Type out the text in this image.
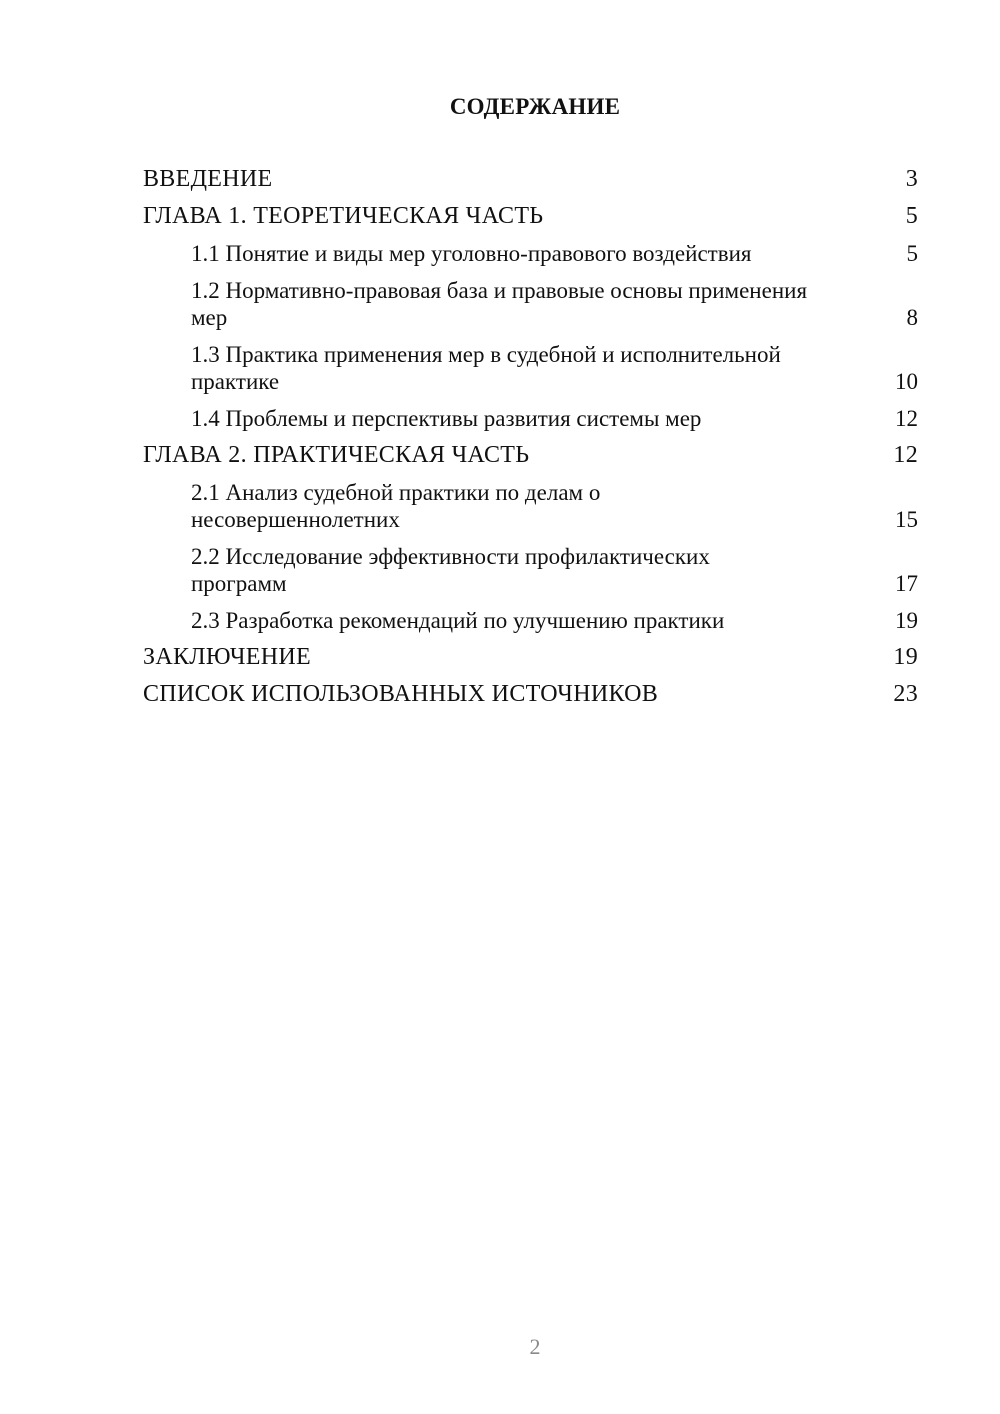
СОДЕРЖАНИЕ
ВВЕДЕНИЕ	3
ГЛАВА 1. ТЕОРЕТИЧЕСКАЯ ЧАСТЬ	5
1.1 Понятие и виды мер уголовно-правового воздействия	5
1.2 Нормативно-правовая база и правовые основы применения мер	8
1.3 Практика применения мер в судебной и исполнительной практике	10
1.4 Проблемы и перспективы развития системы мер	12
ГЛАВА 2. ПРАКТИЧЕСКАЯ ЧАСТЬ	12
2.1 Анализ судебной практики по делам о несовершеннолетних	15
2.2 Исследование эффективности профилактических программ	17
2.3 Разработка рекомендаций по улучшению практики	19
ЗАКЛЮЧЕНИЕ	19
СПИСОК ИСПОЛЬЗОВАННЫХ ИСТОЧНИКОВ	23
2
